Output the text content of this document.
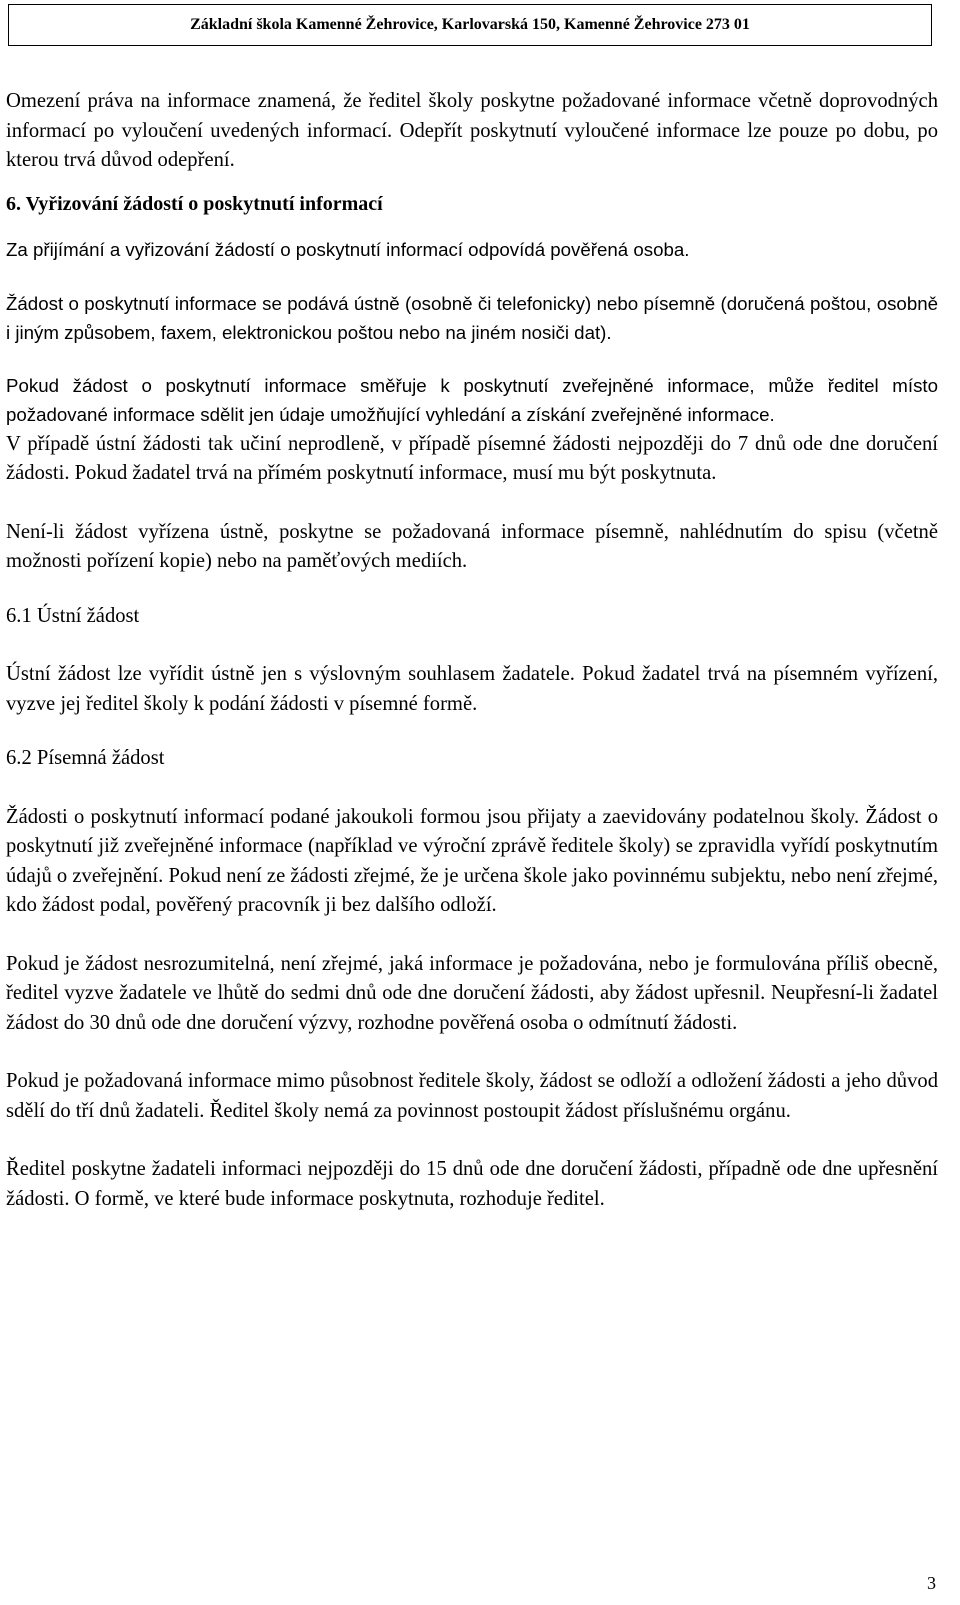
Základní škola Kamenné Žehrovice, Karlovarská 150, Kamenné Žehrovice 273 01

Omezení práva na informace znamená, že ředitel školy poskytne požadované informace včetně doprovodných informací po vyloučení uvedených informací. Odepřít poskytnutí vyloučené informace lze pouze po dobu, po kterou trvá důvod odepření.

6. Vyřizování žádostí o poskytnutí informací

Za přijímání a vyřizování žádostí o poskytnutí informací odpovídá pověřená osoba.

Žádost o poskytnutí informace se podává ústně (osobně či telefonicky) nebo písemně (doručená poštou, osobně i jiným způsobem, faxem, elektronickou poštou nebo na jiném nosiči dat).

Pokud žádost o poskytnutí informace směřuje k poskytnutí zveřejněné informace, může ředitel místo požadované informace sdělit jen údaje umožňující vyhledání a získání zveřejněné informace.

V případě ústní žádosti tak učiní neprodleně, v případě písemné žádosti nejpozději do 7 dnů ode dne doručení žádosti. Pokud žadatel trvá na přímém poskytnutí informace, musí mu být poskytnuta.

Není-li žádost vyřízena ústně, poskytne se požadovaná informace písemně, nahlédnutím do spisu (včetně možnosti pořízení kopie) nebo na paměťových mediích.

6.1 Ústní žádost

Ústní žádost lze vyřídit ústně jen s výslovným souhlasem žadatele. Pokud žadatel trvá na písemném vyřízení, vyzve jej ředitel školy k podání žádosti v písemné formě.

6.2 Písemná žádost

Žádosti o poskytnutí informací podané jakoukoli formou jsou přijaty a zaevidovány podatelnou školy. Žádost o poskytnutí již zveřejněné informace (například ve výroční zprávě ředitele školy) se zpravidla vyřídí poskytnutím údajů o zveřejnění. Pokud není ze žádosti zřejmé, že je určena škole jako povinnému subjektu, nebo není zřejmé, kdo žádost podal, pověřený pracovník ji bez dalšího odloží.

Pokud je žádost nesrozumitelná, není zřejmé, jaká informace je požadována, nebo je formulována příliš obecně, ředitel vyzve žadatele ve lhůtě do sedmi dnů ode dne doručení žádosti, aby žádost upřesnil. Neupřesní-li žadatel žádost do 30 dnů ode dne doručení výzvy, rozhodne pověřená osoba o odmítnutí žádosti.

Pokud je požadovaná informace mimo působnost ředitele školy, žádost se odloží a odložení žádosti a jeho důvod sdělí do tří dnů žadateli. Ředitel školy nemá za povinnost postoupit žádost příslušnému orgánu.

Ředitel poskytne žadateli informaci nejpozději do 15 dnů ode dne doručení žádosti, případně ode dne upřesnění žádosti. O formě, ve které bude informace poskytnuta, rozhoduje ředitel.

3
